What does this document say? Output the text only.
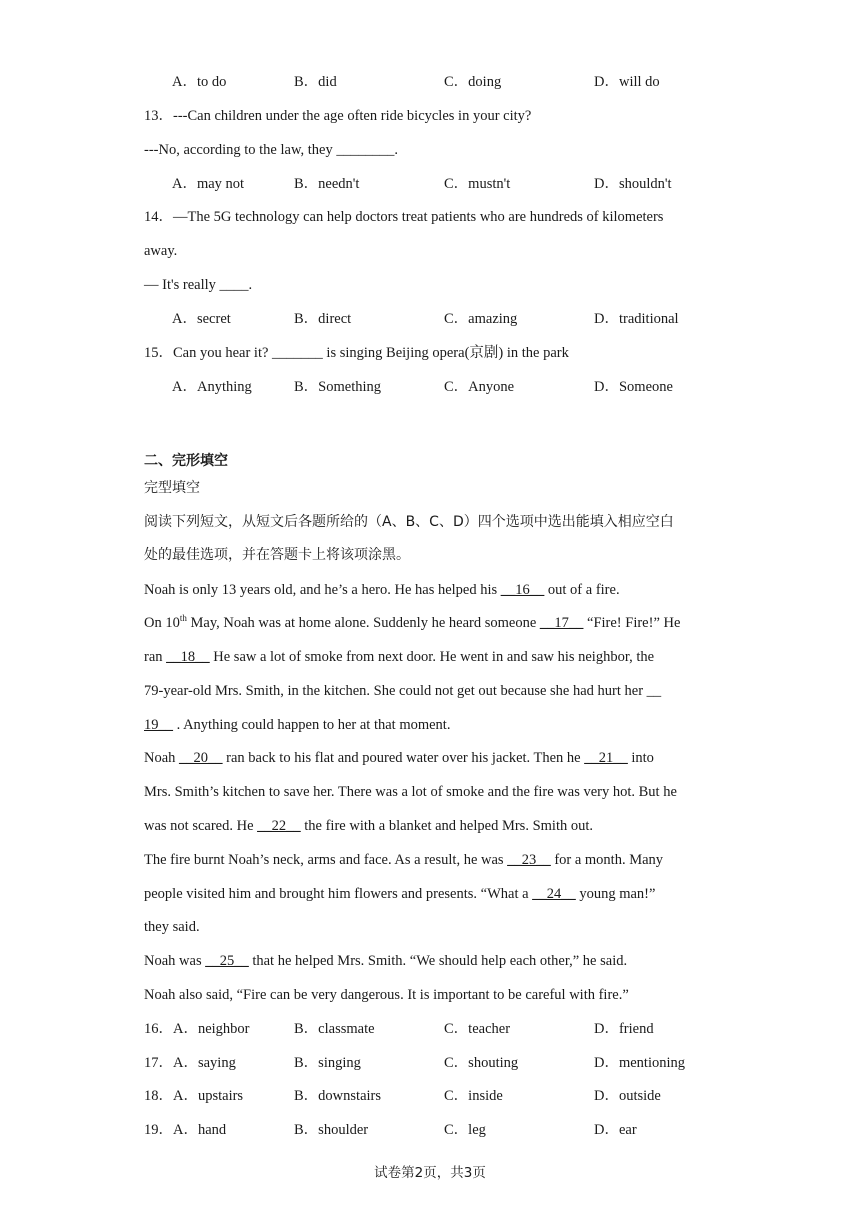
A．to do	B．did	C．doing	D．will do
13．---Can children under the age often ride bicycles in your city?
---No, according to the law, they ________.
A．may not	B．needn't	C．mustn't	D．shouldn't
14．—The 5G technology can help doctors treat patients who are hundreds of kilometers
away.
— It's really ____.
A．secret	B．direct	C．amazing	D．traditional
15．Can you hear it? _______ is singing Beijing opera(京剧) in the park
A．Anything	B．Something	C．Anyone	D．Someone
二、完形填空
完型填空
阅读下列短文，从短文后各题所给的（A、B、C、D）四个选项中选出能填入相应空白
处的最佳选项，并在答题卡上将该项涂黑。
Noah is only 13 years old, and he’s a hero. He has helped his __16__ out of a fire.
On 10th May, Noah was at home alone. Suddenly he heard someone __17__ “Fire! Fire!” He
ran __18__ He saw a lot of smoke from next door. He went in and saw his neighbor, the
79-year-old Mrs. Smith, in the kitchen. She could not get out because she had hurt her __
19__ . Anything could happen to her at that moment.
Noah __20__ ran back to his flat and poured water over his jacket. Then he __21__ into
Mrs. Smith’s kitchen to save her. There was a lot of smoke and the fire was very hot. But he
was not scared. He __22__ the fire with a blanket and helped Mrs. Smith out.
The fire burnt Noah’s neck, arms and face. As a result, he was __23__ for a month. Many
people visited him and brought him flowers and presents. “What a __24__ young man!”
they said.
Noah was __25__ that he helped Mrs. Smith. “We should help each other,” he said.
Noah also said, “Fire can be very dangerous. It is important to be careful with fire.”
16．A．neighbor	B．classmate	C．teacher	D．friend
17．A．saying	B．singing	C．shouting	D．mentioning
18．A．upstairs	B．downstairs	C．inside	D．outside
19．A．hand	B．shoulder	C．leg	D．ear
试卷第2页，共3页
